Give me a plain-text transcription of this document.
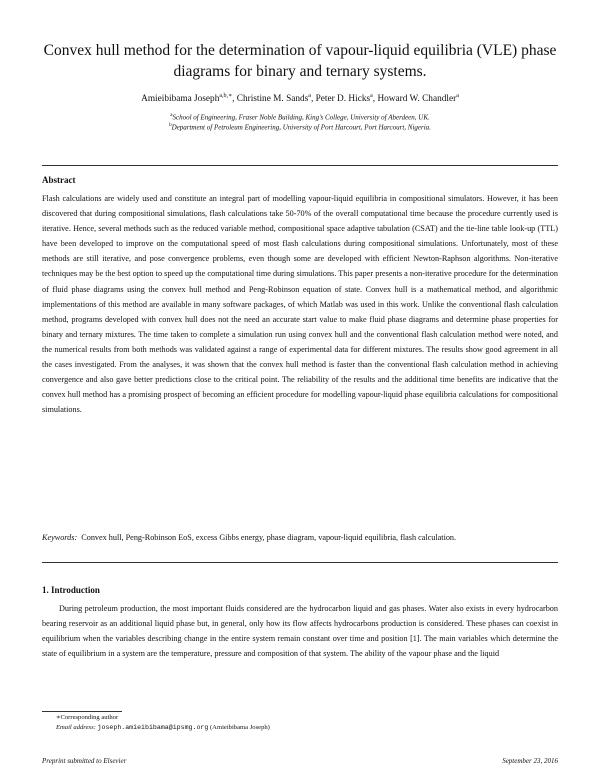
Convex hull method for the determination of vapour-liquid equilibria (VLE) phase diagrams for binary and ternary systems.
Amieibibama Joseph$^{a,b,∗}$, Christine M. Sands$^a$, Peter D. Hicks$^a$, Howard W. Chandler$^a$
$^a$School of Engineering, Fraser Noble Building, King’s College, University of Aberdeen, UK.
$^b$Department of Petroleum Engineering, University of Port Harcourt, Port Harcourt, Nigeria.
Abstract
Flash calculations are widely used and constitute an integral part of modelling vapour-liquid equilibria in compositional simulators. However, it has been discovered that during compositional simulations, flash calculations take 50-70% of the overall computational time because the procedure currently used is iterative. Hence, several methods such as the reduced variable method, compositional space adaptive tabulation (CSAT) and the tie-line table look-up (TTL) have been developed to improve on the computational speed of most flash calculations during compositional simulations. Unfortunately, most of these methods are still iterative, and pose convergence problems, even though some are developed with efficient Newton-Raphson algorithms. Non-iterative techniques may be the best option to speed up the computational time during simulations. This paper presents a non-iterative procedure for the determination of fluid phase diagrams using the convex hull method and Peng-Robinson equation of state. Convex hull is a mathematical method, and algorithmic implementations of this method are available in many software packages, of which Matlab was used in this work. Unlike the conventional flash calculation method, programs developed with convex hull does not the need an accurate start value to make fluid phase diagrams and determine phase properties for binary and ternary mixtures. The time taken to complete a simulation run using convex hull and the conventional flash calculation method were noted, and the numerical results from both methods was validated against a range of experimental data for different mixtures. The results show good agreement in all the cases investigated. From the analyses, it was shown that the convex hull method is faster than the conventional flash calculation method in achieving convergence and also gave better predictions close to the critical point. The reliability of the results and the additional time benefits are indicative that the convex hull method has a promising prospect of becoming an efficient procedure for modelling vapour-liquid phase equilibria calculations for compositional simulations.
Keywords: Convex hull, Peng-Robinson EoS, excess Gibbs energy, phase diagram, vapour-liquid equilibria, flash calculation.
1. Introduction
During petroleum production, the most important fluids considered are the hydrocarbon liquid and gas phases. Water also exists in every hydrocarbon bearing reservoir as an additional liquid phase but, in general, only how its flow affects hydrocarbons production is considered. These phases can coexist in equilibrium when the variables describing change in the entire system remain constant over time and position [1]. The main variables which determine the state of equilibrium in a system are the temperature, pressure and composition of that system. The ability of the vapour phase and the liquid
∗Corresponding author
Email address: joseph.amieibibama@ipsmg.org (Amieibibama Joseph)
Preprint submitted to Elsevier	September 23, 2016
